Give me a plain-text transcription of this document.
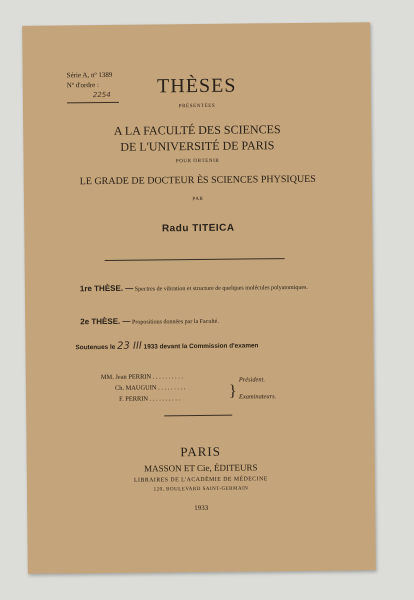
Série A, nº 1389
Nº d'ordre :
2254	THÈSES
PRÉSENTÉES
A LA FACULTÉ DES SCIENCES
DE L'UNIVERSITÉ DE PARIS
POUR OBTENIR
LE GRADE DE DOCTEUR ÈS SCIENCES PHYSIQUES
PAR
Radu TITEICA
1re THÈSE. — Spectres de vibration et structure de quelques molécules polyatomiques.
2e THÈSE. — Propositions données par la Faculté.
Soutenues le 23 III 1933 devant la Commission d'examen
MM. Jean PERRIN . . . . . . . . . .
Ch. MAUGUIN . . . . . . . . .
F. PERRIN . . . . . . . . . .	}
Président.
Examinateurs.
PARIS
MASSON ET Cie, ÉDITEURS
LIBRAIRES DE L'ACADÉMIE DE MÉDECINE
120, BOULEVARD SAINT-GERMAIN
1933
